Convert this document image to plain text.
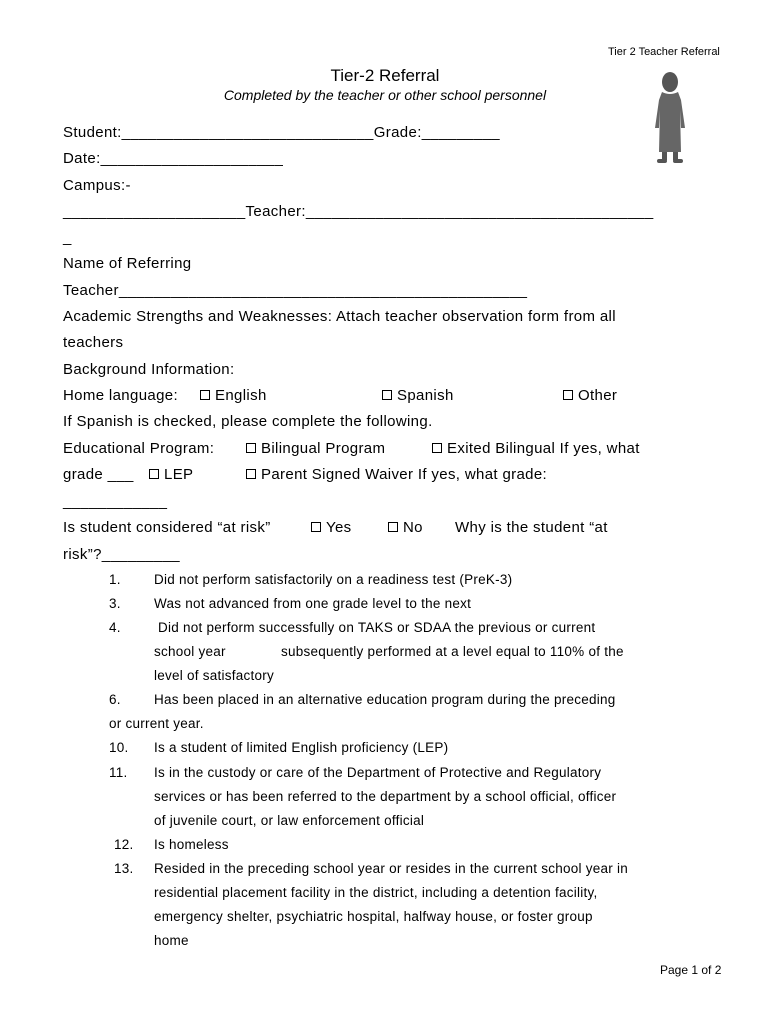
Tier 2 Teacher Referral
Tier-2 Referral
Completed by the teacher or other school personnel
Student:_____________________________Grade:_________
Date:_____________________
Campus:-
_____________________Teacher:________________________________________
_
Name of Referring
Teacher_______________________________________________
Academic Strengths and Weaknesses: Attach teacher observation form from all
teachers
Background Information:
Home language:	English	Spanish	Other
If Spanish is checked, please complete the following.
Educational Program:	Bilingual Program	Exited Bilingual If yes, what
grade ___	LEP	Parent Signed Waiver If yes, what grade:
____________
Is student considered “at risk”	Yes	No Why is the student “at
risk”?_________
1. Did not perform satisfactorily on a readiness test (PreK-3)
3. Was not advanced from one grade level to the next
4. Did not perform successfully on TAKS or SDAA the previous or current
school year	subsequently performed at a level equal to 110% of the
level of satisfactory
6. Has been placed in an alternative education program during the preceding
or current year.
10. Is a student of limited English proficiency (LEP)
11. Is in the custody or care of the Department of Protective and Regulatory
services or has been referred to the department by a school official, officer
of juvenile court, or law enforcement official
12. Is homeless
13. Resided in the preceding school year or resides in the current school year in
residential placement facility in the district, including a detention facility,
emergency shelter, psychiatric hospital, halfway house, or foster group
home
Page 1 of 2
